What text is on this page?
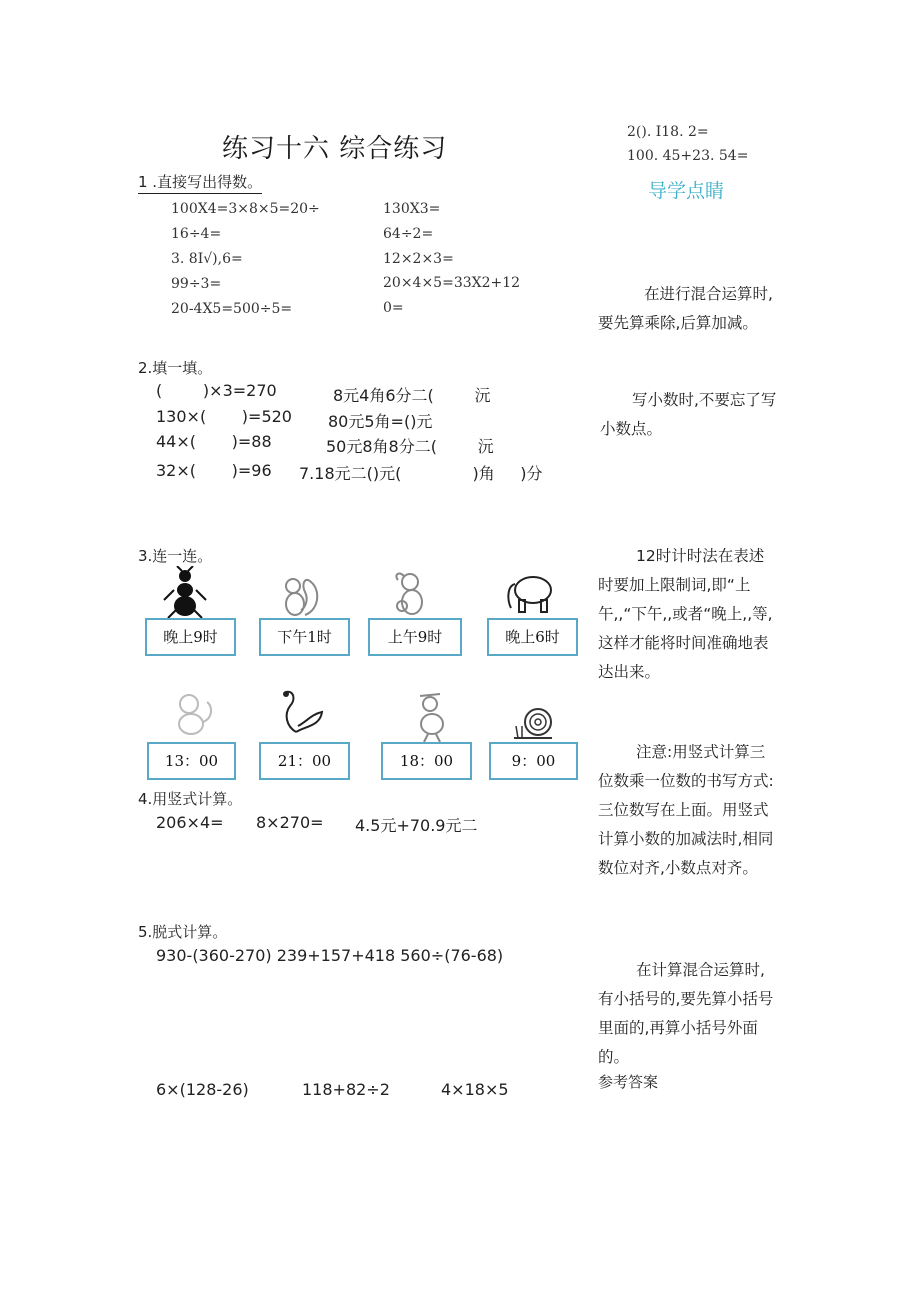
练习十六 综合练习
2(). I18. 2=
100. 45+23. 54=
导学点睛
1 .直接写出得数。
100X4=3×8×5=20÷
16÷4=
3. 8I√),6=
99÷3=
20-4X5=500÷5=
130X3=
64÷2=
12×2×3=
20×4×5=33X2+12
0=
2.填一填。
(        )×3=270
130×(       )=520
44×(       )=88
32×(       )=96
8元4角6分二(        沅
80元5角=()元
50元8角8分二(        沅
7.18元二()元(              )角     )分
3.连一连。
晚上9时	下午1时	上午9时	晚上6时
13：00	21：00	18：00	9：00
4.用竖式计算。
206×4= 8×270= 4.5元+70.9元二
5.脱式计算。
930-(360-270) 239+157+418 560÷(76-68)
6×(128-26)	118+82÷2	4×18×5
在进行混合运算时,要先算乘除,后算加减。
写小数时,不要忘了写小数点。
12时计时法在表述时要加上限制词,即“上午,,“下午,,或者“晚上,,等,这样才能将时间准确地表达出来。
注意:用竖式计算三位数乘一位数的书写方式:三位数写在上面。用竖式计算小数的加减法时,相同数位对齐,小数点对齐。
在计算混合运算时,有小括号的,要先算小括号里面的,再算小括号外面的。
参考答案
